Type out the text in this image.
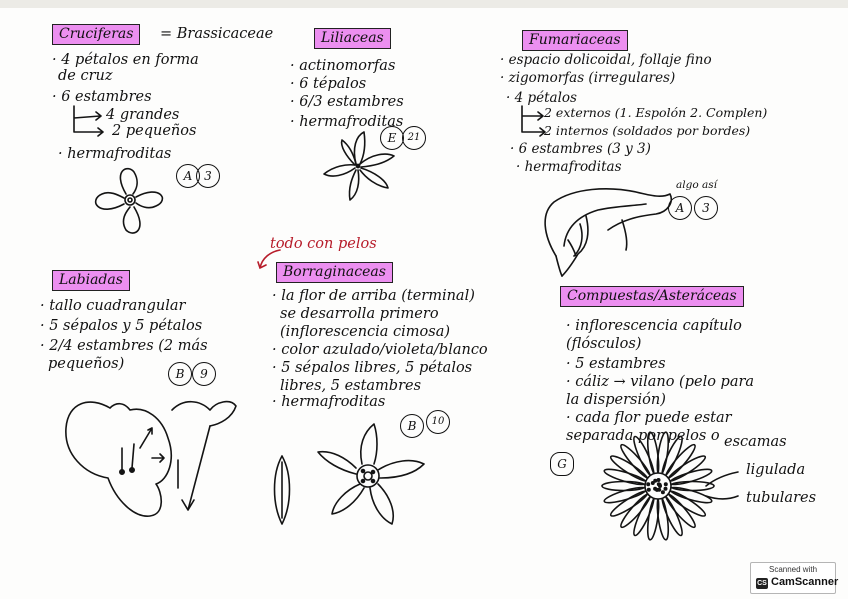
Cruciferas	= Brassicaceae
· 4 pétalos en forma
de cruz
· 6 estambres
4 grandes
2 pequeños
· hermafroditas
A 3
Liliaceas
· actinomorfas
· 6 tépalos
· 6/3 estambres
· hermafroditas
E	21
Fumariaceas
· espacio dolicoidal, follaje fino
· zigomorfas (irregulares)
· 4 pétalos
2 externos (1. Espolón 2. Complen)
2 internos (soldados por bordes)
· 6 estambres (3 y 3)
· hermafroditas
algo así
A	3
Labiadas
· tallo cuadrangular
· 5 sépalos y 5 pétalos
· 2/4 estambres (2 más
pequeños)
B	9
todo con pelos
Borraginaceas
· la flor de arriba (terminal)
se desarrolla primero
(inflorescencia cimosa)
· color azulado/violeta/blanco
· 5 sépalos libres, 5 pétalos
libres, 5 estambres
· hermafroditas
B	10
Compuestas/Asteráceas
· inflorescencia capítulo
(flósculos)
· 5 estambres
· cáliz → vilano (pelo para
la dispersión)
· cada flor puede estar
separada por pelos o escamas
G	ligulada
tubulares
Scanned with
CS CamScanner
